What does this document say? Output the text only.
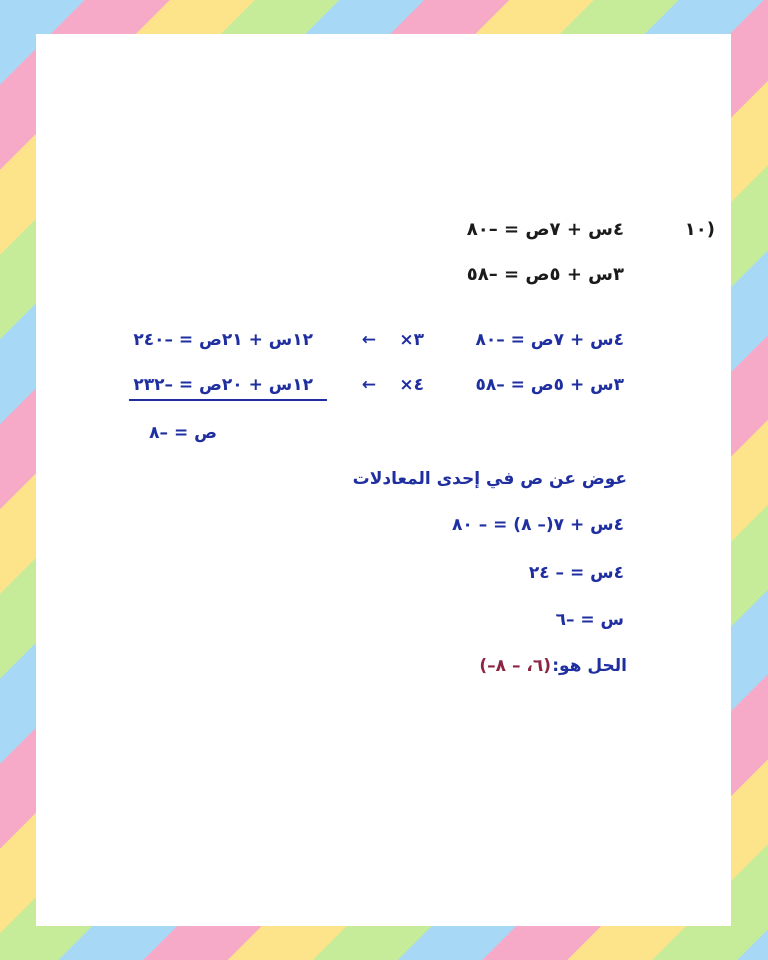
١٠)
٤س + ٧ص = –٨٠
٣س + ٥ص = –٥٨
٤س + ٧ص = –٨٠
×٣
←
١٢س + ٢١ص = –٢٤٠
٣س + ٥ص = –٥٨
×٤
←
١٢س + ٢٠ص = –٢٣٢
ص = –٨
عوض عن ص في إحدى المعادلات
٤س + ٧(– ٨) = – ٨٠
٤س = – ٢٤
س = –٦
الحل هو:
(–٦، – ٨)
